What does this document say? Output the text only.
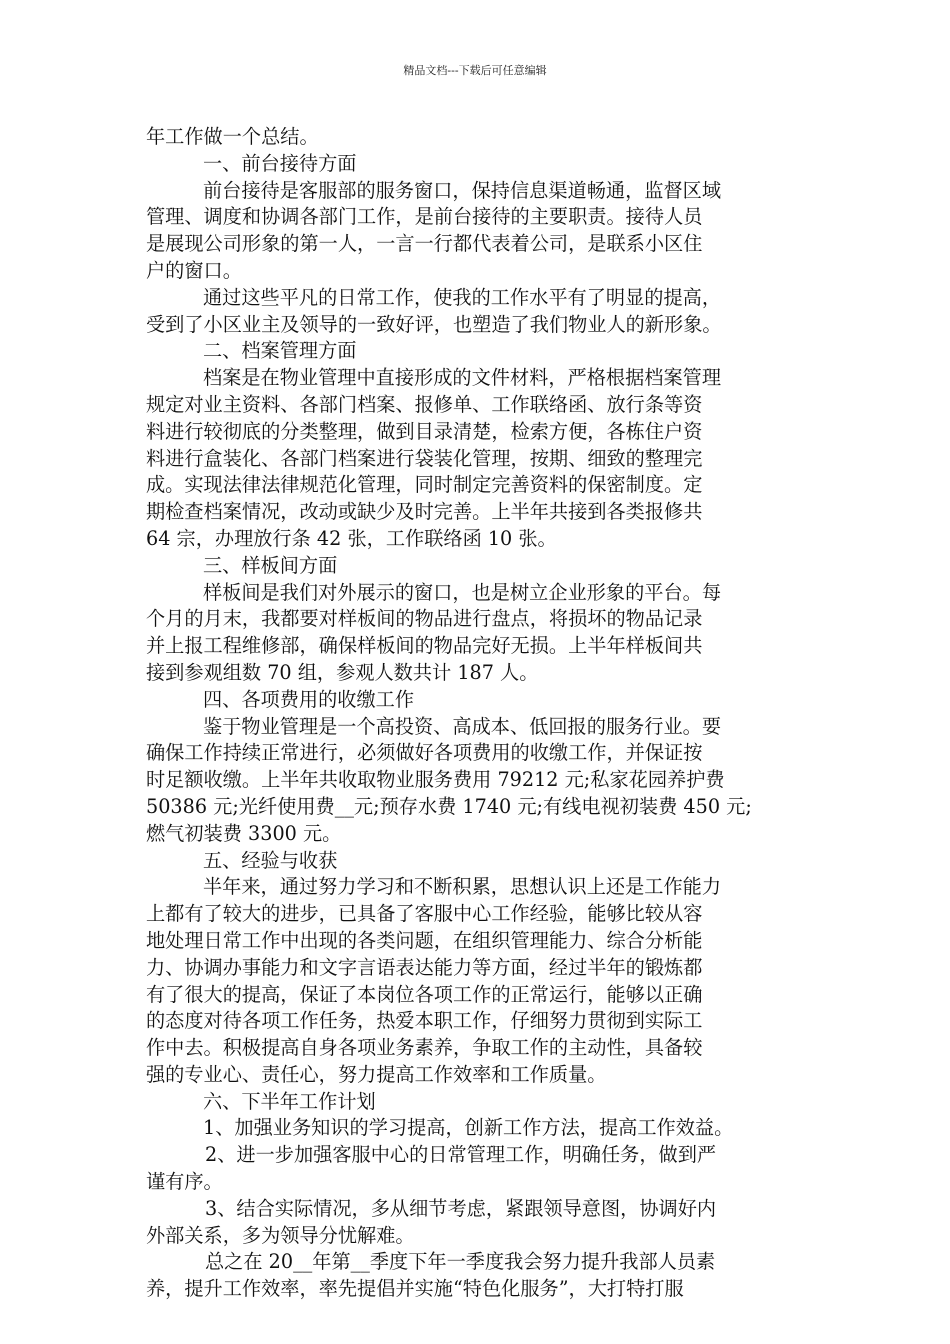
精品文档---下载后可任意编辑

年工作做一个总结。

一、前台接待方面

前台接待是客服部的服务窗口，保持信息渠道畅通，监督区域

管理、调度和协调各部门工作，是前台接待的主要职责。接待人员

是展现公司形象的第一人，一言一行都代表着公司，是联系小区住

户的窗口。

通过这些平凡的日常工作，使我的工作水平有了明显的提高，

受到了小区业主及领导的一致好评，也塑造了我们物业人的新形象。

二、档案管理方面

档案是在物业管理中直接形成的文件材料，严格根据档案管理

规定对业主资料、各部门档案、报修单、工作联络函、放行条等资

料进行较彻底的分类整理，做到目录清楚，检索方便，各栋住户资

料进行盒装化、各部门档案进行袋装化管理，按期、细致的整理完

成。实现法律法律规范化管理，同时制定完善资料的保密制度。定

期检查档案情况，改动或缺少及时完善。上半年共接到各类报修共

64 宗，办理放行条 42 张，工作联络函 10 张。

三、样板间方面

样板间是我们对外展示的窗口，也是树立企业形象的平台。每

个月的月末，我都要对样板间的物品进行盘点，将损坏的物品记录

并上报工程维修部，确保样板间的物品完好无损。上半年样板间共

接到参观组数 70 组，参观人数共计 187 人。

四、各项费用的收缴工作

鉴于物业管理是一个高投资、高成本、低回报的服务行业。要

确保工作持续正常进行，必须做好各项费用的收缴工作，并保证按

时足额收缴。上半年共收取物业服务费用 79212 元;私家花园养护费

50386 元;光纤使用费__元;预存水费 1740 元;有线电视初装费 450 元;

燃气初装费 3300 元。

五、经验与收获

半年来，通过努力学习和不断积累，思想认识上还是工作能力

上都有了较大的进步，已具备了客服中心工作经验，能够比较从容

地处理日常工作中出现的各类问题，在组织管理能力、综合分析能

力、协调办事能力和文字言语表达能力等方面，经过半年的锻炼都

有了很大的提高，保证了本岗位各项工作的正常运行，能够以正确

的态度对待各项工作任务，热爱本职工作，仔细努力贯彻到实际工

作中去。积极提高自身各项业务素养，争取工作的主动性，具备较

强的专业心、责任心，努力提高工作效率和工作质量。

六、下半年工作计划

1、加强业务知识的学习提高，创新工作方法，提高工作效益。

2、进一步加强客服中心的日常管理工作，明确任务，做到严

谨有序。

3、结合实际情况，多从细节考虑，紧跟领导意图，协调好内

外部关系，多为领导分忧解难。

总之在 20__年第__季度下年一季度我会努力提升我部人员素

养，提升工作效率，率先提倡并实施“特色化服务”，大打特打服
